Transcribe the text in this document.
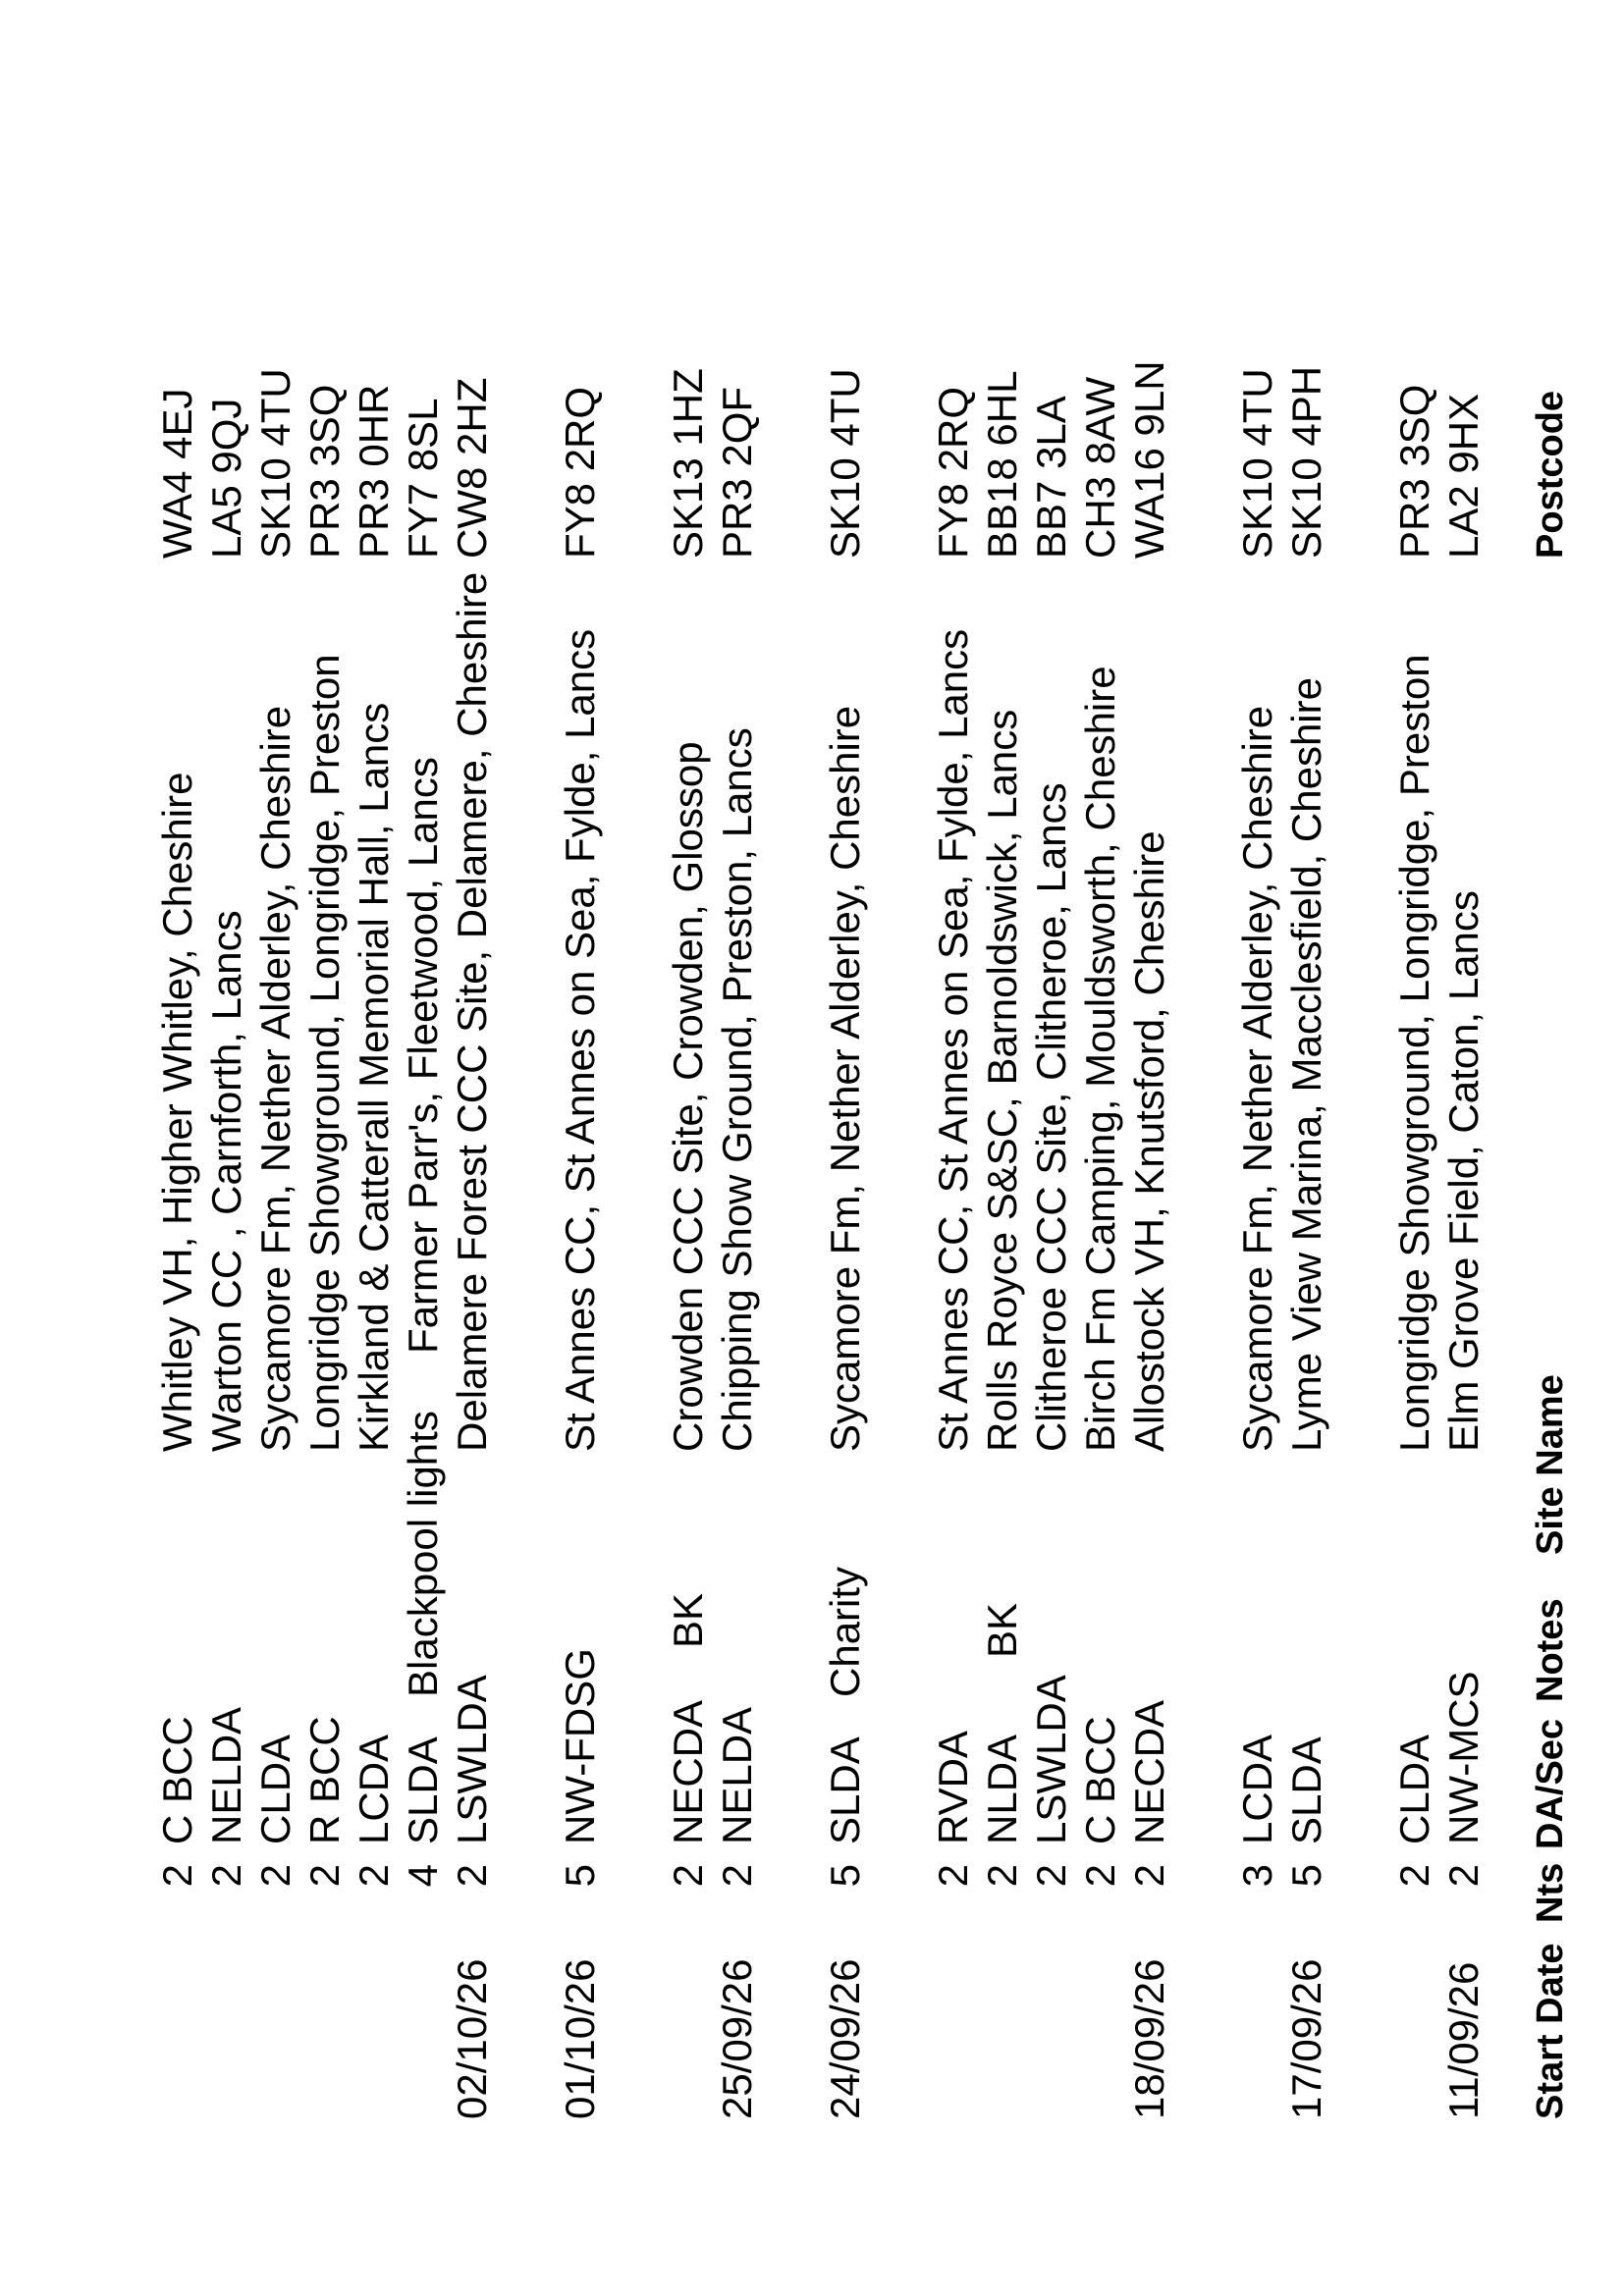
Start Date
Nts
DA/Sec
Notes
Site Name
Postcode
11/09/26
2
NW-MCS
Elm Grove Field, Caton, Lancs
LA2 9HX
2
CLDA
Longridge Showground, Longridge, Preston
PR3 3SQ
17/09/26
5
SLDA
Lyme View Marina, Macclesfield, Cheshire
SK10 4PH
3
LCDA
Sycamore Fm, Nether Alderley, Cheshire
SK10 4TU
18/09/26
2
NECDA
Allostock VH, Knutsford, Cheshire
WA16 9LN
2
C BCC
Birch Fm Camping, Mouldsworth, Cheshire
CH3 8AW
2
LSWLDA
Clitheroe CCC Site, Clitheroe, Lancs
BB7 3LA
2
NLDA
BK
Rolls Royce S&SC, Barnoldswick, Lancs
BB18 6HL
2
RVDA
St Annes CC, St Annes on Sea, Fylde, Lancs
FY8 2RQ
24/09/26
5
SLDA
Charity
Sycamore Fm, Nether Alderley, Cheshire
SK10 4TU
25/09/26
2
NELDA
Chipping Show Ground, Preston, Lancs
PR3 2QF
2
NECDA
BK
Crowden CCC Site, Crowden, Glossop
SK13 1HZ
01/10/26
5
NW-FDSG
St Annes CC, St Annes on Sea, Fylde, Lancs
FY8 2RQ
02/10/26
2
LSWLDA
Delamere Forest CCC Site, Delamere, Cheshire
CW8 2HZ
4
SLDA
Blackpool lights
Farmer Parr's, Fleetwood, Lancs
FY7 8SL
2
LCDA
Kirkland & Catterall Memorial Hall, Lancs
PR3 0HR
2
R BCC
Longridge Showground, Longridge, Preston
PR3 3SQ
2
CLDA
Sycamore Fm, Nether Alderley, Cheshire
SK10 4TU
2
NELDA
Warton CC , Carnforth, Lancs
LA5 9QJ
2
C BCC
Whitley VH, Higher Whitley, Cheshire
WA4 4EJ
